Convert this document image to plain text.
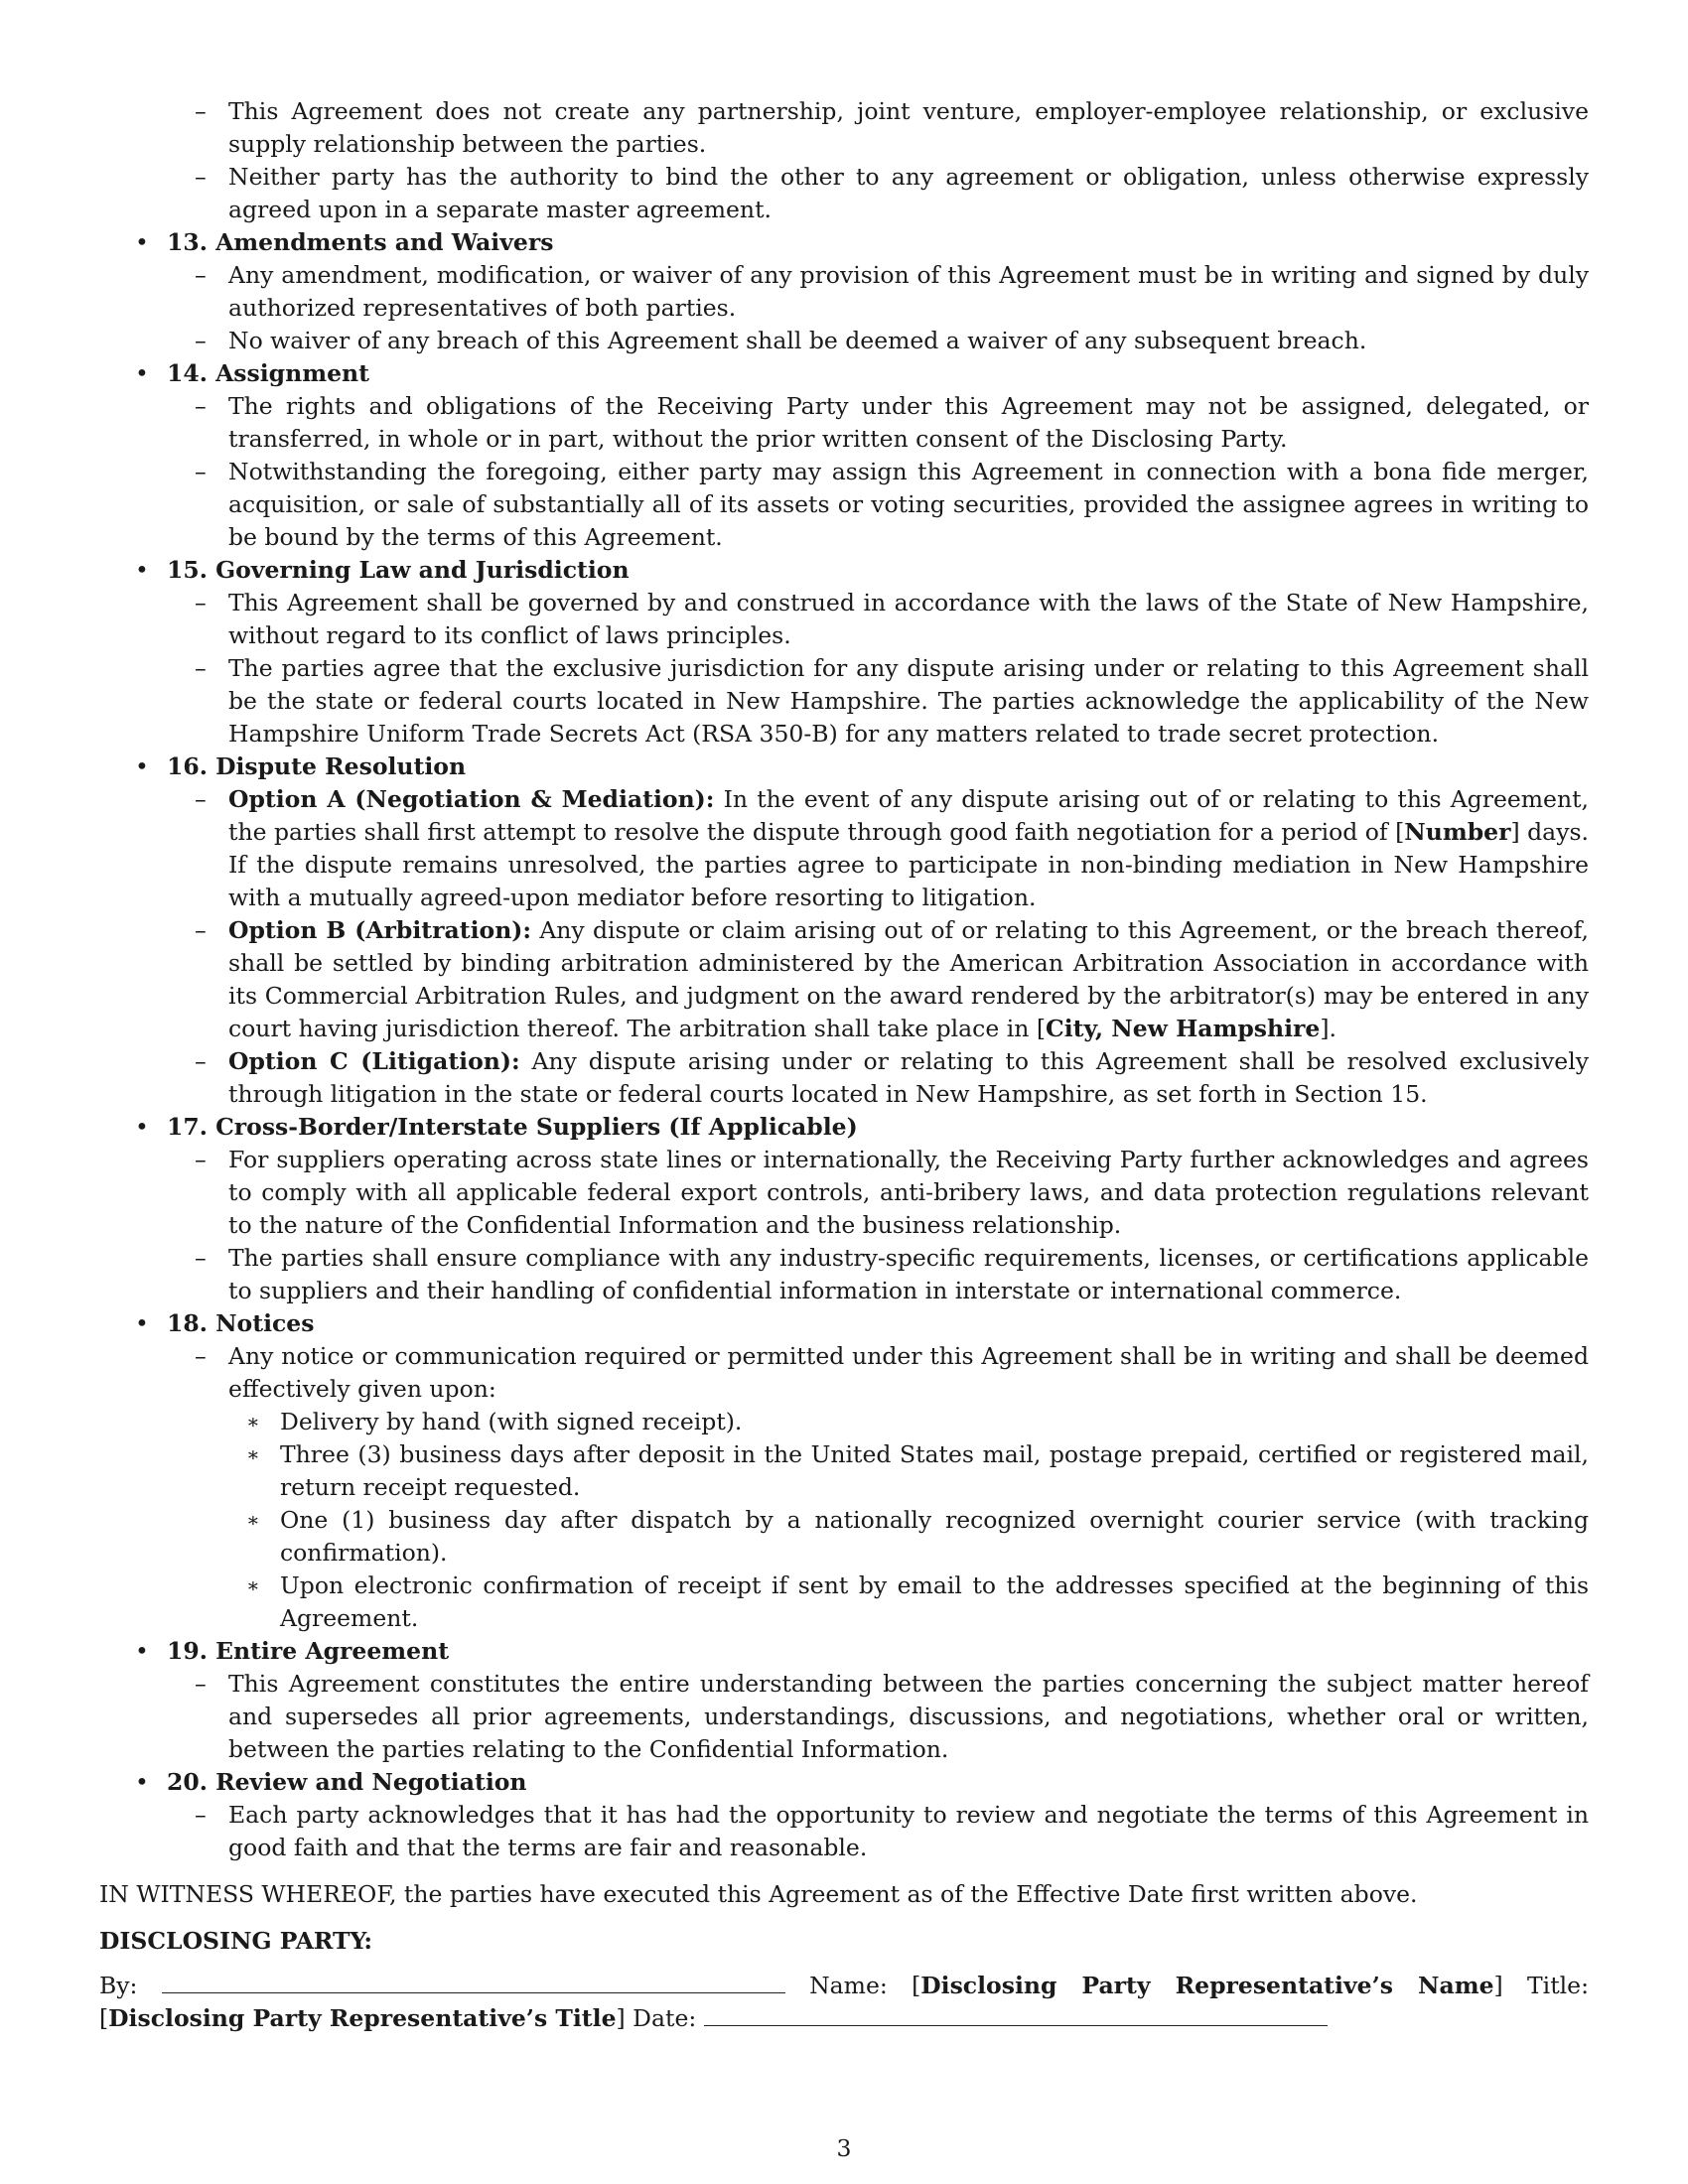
– This Agreement does not create any partnership, joint venture, employer-employee relationship, or exclusive supply relationship between the parties.
– Neither party has the authority to bind the other to any agreement or obligation, unless otherwise expressly agreed upon in a separate master agreement.
• 13. Amendments and Waivers
– Any amendment, modification, or waiver of any provision of this Agreement must be in writing and signed by duly authorized representatives of both parties.
– No waiver of any breach of this Agreement shall be deemed a waiver of any subsequent breach.
• 14. Assignment
– The rights and obligations of the Receiving Party under this Agreement may not be assigned, delegated, or transferred, in whole or in part, without the prior written consent of the Disclosing Party.
– Notwithstanding the foregoing, either party may assign this Agreement in connection with a bona fide merger, acquisition, or sale of substantially all of its assets or voting securities, provided the assignee agrees in writing to be bound by the terms of this Agreement.
• 15. Governing Law and Jurisdiction
– This Agreement shall be governed by and construed in accordance with the laws of the State of New Hampshire, without regard to its conflict of laws principles.
– The parties agree that the exclusive jurisdiction for any dispute arising under or relating to this Agreement shall be the state or federal courts located in New Hampshire. The parties acknowledge the applicability of the New Hampshire Uniform Trade Secrets Act (RSA 350-B) for any matters related to trade secret protection.
• 16. Dispute Resolution
– Option A (Negotiation & Mediation): In the event of any dispute arising out of or relating to this Agreement, the parties shall first attempt to resolve the dispute through good faith negotiation for a period of [Number] days. If the dispute remains unresolved, the parties agree to participate in non-binding mediation in New Hampshire with a mutually agreed-upon mediator before resorting to litigation.
– Option B (Arbitration): Any dispute or claim arising out of or relating to this Agreement, or the breach thereof, shall be settled by binding arbitration administered by the American Arbitration Association in accordance with its Commercial Arbitration Rules, and judgment on the award rendered by the arbitrator(s) may be entered in any court having jurisdiction thereof. The arbitration shall take place in [City, New Hampshire].
– Option C (Litigation): Any dispute arising under or relating to this Agreement shall be resolved exclusively through litigation in the state or federal courts located in New Hampshire, as set forth in Section 15.
• 17. Cross-Border/Interstate Suppliers (If Applicable)
– For suppliers operating across state lines or internationally, the Receiving Party further acknowledges and agrees to comply with all applicable federal export controls, anti-bribery laws, and data protection regulations relevant to the nature of the Confidential Information and the business relationship.
– The parties shall ensure compliance with any industry-specific requirements, licenses, or certifications applicable to suppliers and their handling of confidential information in interstate or international commerce.
• 18. Notices
– Any notice or communication required or permitted under this Agreement shall be in writing and shall be deemed effectively given upon:
∗ Delivery by hand (with signed receipt).
∗ Three (3) business days after deposit in the United States mail, postage prepaid, certified or registered mail, return receipt requested.
∗ One (1) business day after dispatch by a nationally recognized overnight courier service (with tracking confirmation).
∗ Upon electronic confirmation of receipt if sent by email to the addresses specified at the beginning of this Agreement.
• 19. Entire Agreement
– This Agreement constitutes the entire understanding between the parties concerning the subject matter hereof and supersedes all prior agreements, understandings, discussions, and negotiations, whether oral or written, between the parties relating to the Confidential Information.
• 20. Review and Negotiation
– Each party acknowledges that it has had the opportunity to review and negotiate the terms of this Agreement in good faith and that the terms are fair and reasonable.
IN WITNESS WHEREOF, the parties have executed this Agreement as of the Effective Date first written above.
DISCLOSING PARTY:
By:	Name: [Disclosing Party Representative’s Name] Title: [Disclosing Party Representative’s Title] Date:
3
